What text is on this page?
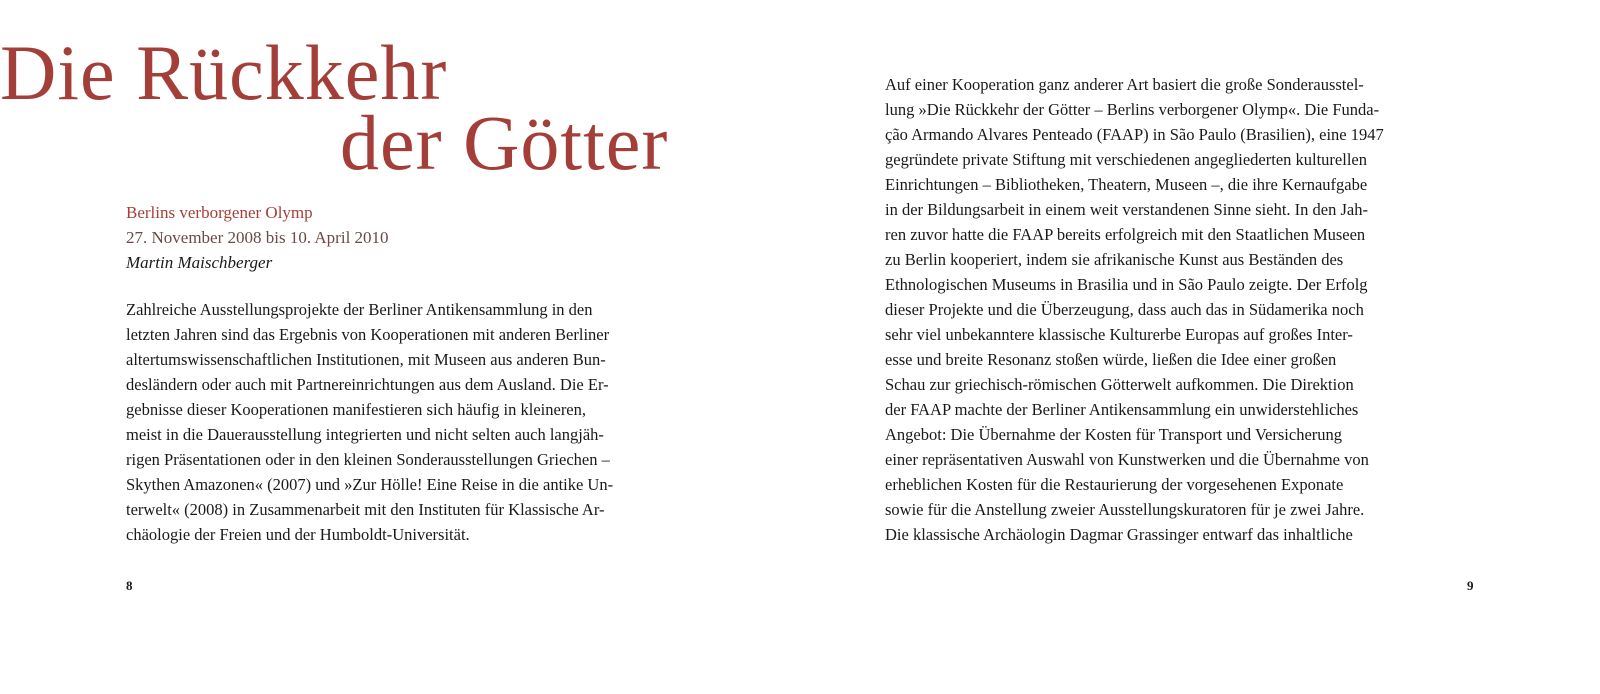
Die Rückkehr
der Götter
Berlins verborgener Olymp
27. November 2008 bis 10. April 2010
Martin Maischberger
Zahlreiche Ausstellungsprojekte der Berliner Antikensammlung in den
letzten Jahren sind das Ergebnis von Kooperationen mit anderen Berliner
altertumswissenschaftlichen Institutionen, mit Museen aus anderen Bun-
desländern oder auch mit Partnereinrichtungen aus dem Ausland. Die Er-
gebnisse dieser Kooperationen manifestieren sich häufig in kleineren,
meist in die Dauerausstellung integrierten und nicht selten auch langjäh-
rigen Präsentationen oder in den kleinen Sonderausstellungen Griechen –
Skythen Amazonen« (2007) und »Zur Hölle! Eine Reise in die antike Un-
terwelt« (2008) in Zusammenarbeit mit den Instituten für Klassische Ar-
chäologie der Freien und der Humboldt-Universität.
Auf einer Kooperation ganz anderer Art basiert die große Sonderausstel-
lung »Die Rückkehr der Götter – Berlins verborgener Olymp«. Die Funda-
ção Armando Alvares Penteado (FAAP) in São Paulo (Brasilien), eine 1947
gegründete private Stiftung mit verschiedenen angegliederten kulturellen
Einrichtungen – Bibliotheken, Theatern, Museen –, die ihre Kernaufgabe
in der Bildungsarbeit in einem weit verstandenen Sinne sieht. In den Jah-
ren zuvor hatte die FAAP bereits erfolgreich mit den Staatlichen Museen
zu Berlin kooperiert, indem sie afrikanische Kunst aus Beständen des
Ethnologischen Museums in Brasilia und in São Paulo zeigte. Der Erfolg
dieser Projekte und die Überzeugung, dass auch das in Südamerika noch
sehr viel unbekanntere klassische Kulturerbe Europas auf großes Inter-
esse und breite Resonanz stoßen würde, ließen die Idee einer großen
Schau zur griechisch-römischen Götterwelt aufkommen. Die Direktion
der FAAP machte der Berliner Antikensammlung ein unwiderstehliches
Angebot: Die Übernahme der Kosten für Transport und Versicherung
einer repräsentativen Auswahl von Kunstwerken und die Übernahme von
erheblichen Kosten für die Restaurierung der vorgesehenen Exponate
sowie für die Anstellung zweier Ausstellungskuratoren für je zwei Jahre.
Die klassische Archäologin Dagmar Grassinger entwarf das inhaltliche
8	9
